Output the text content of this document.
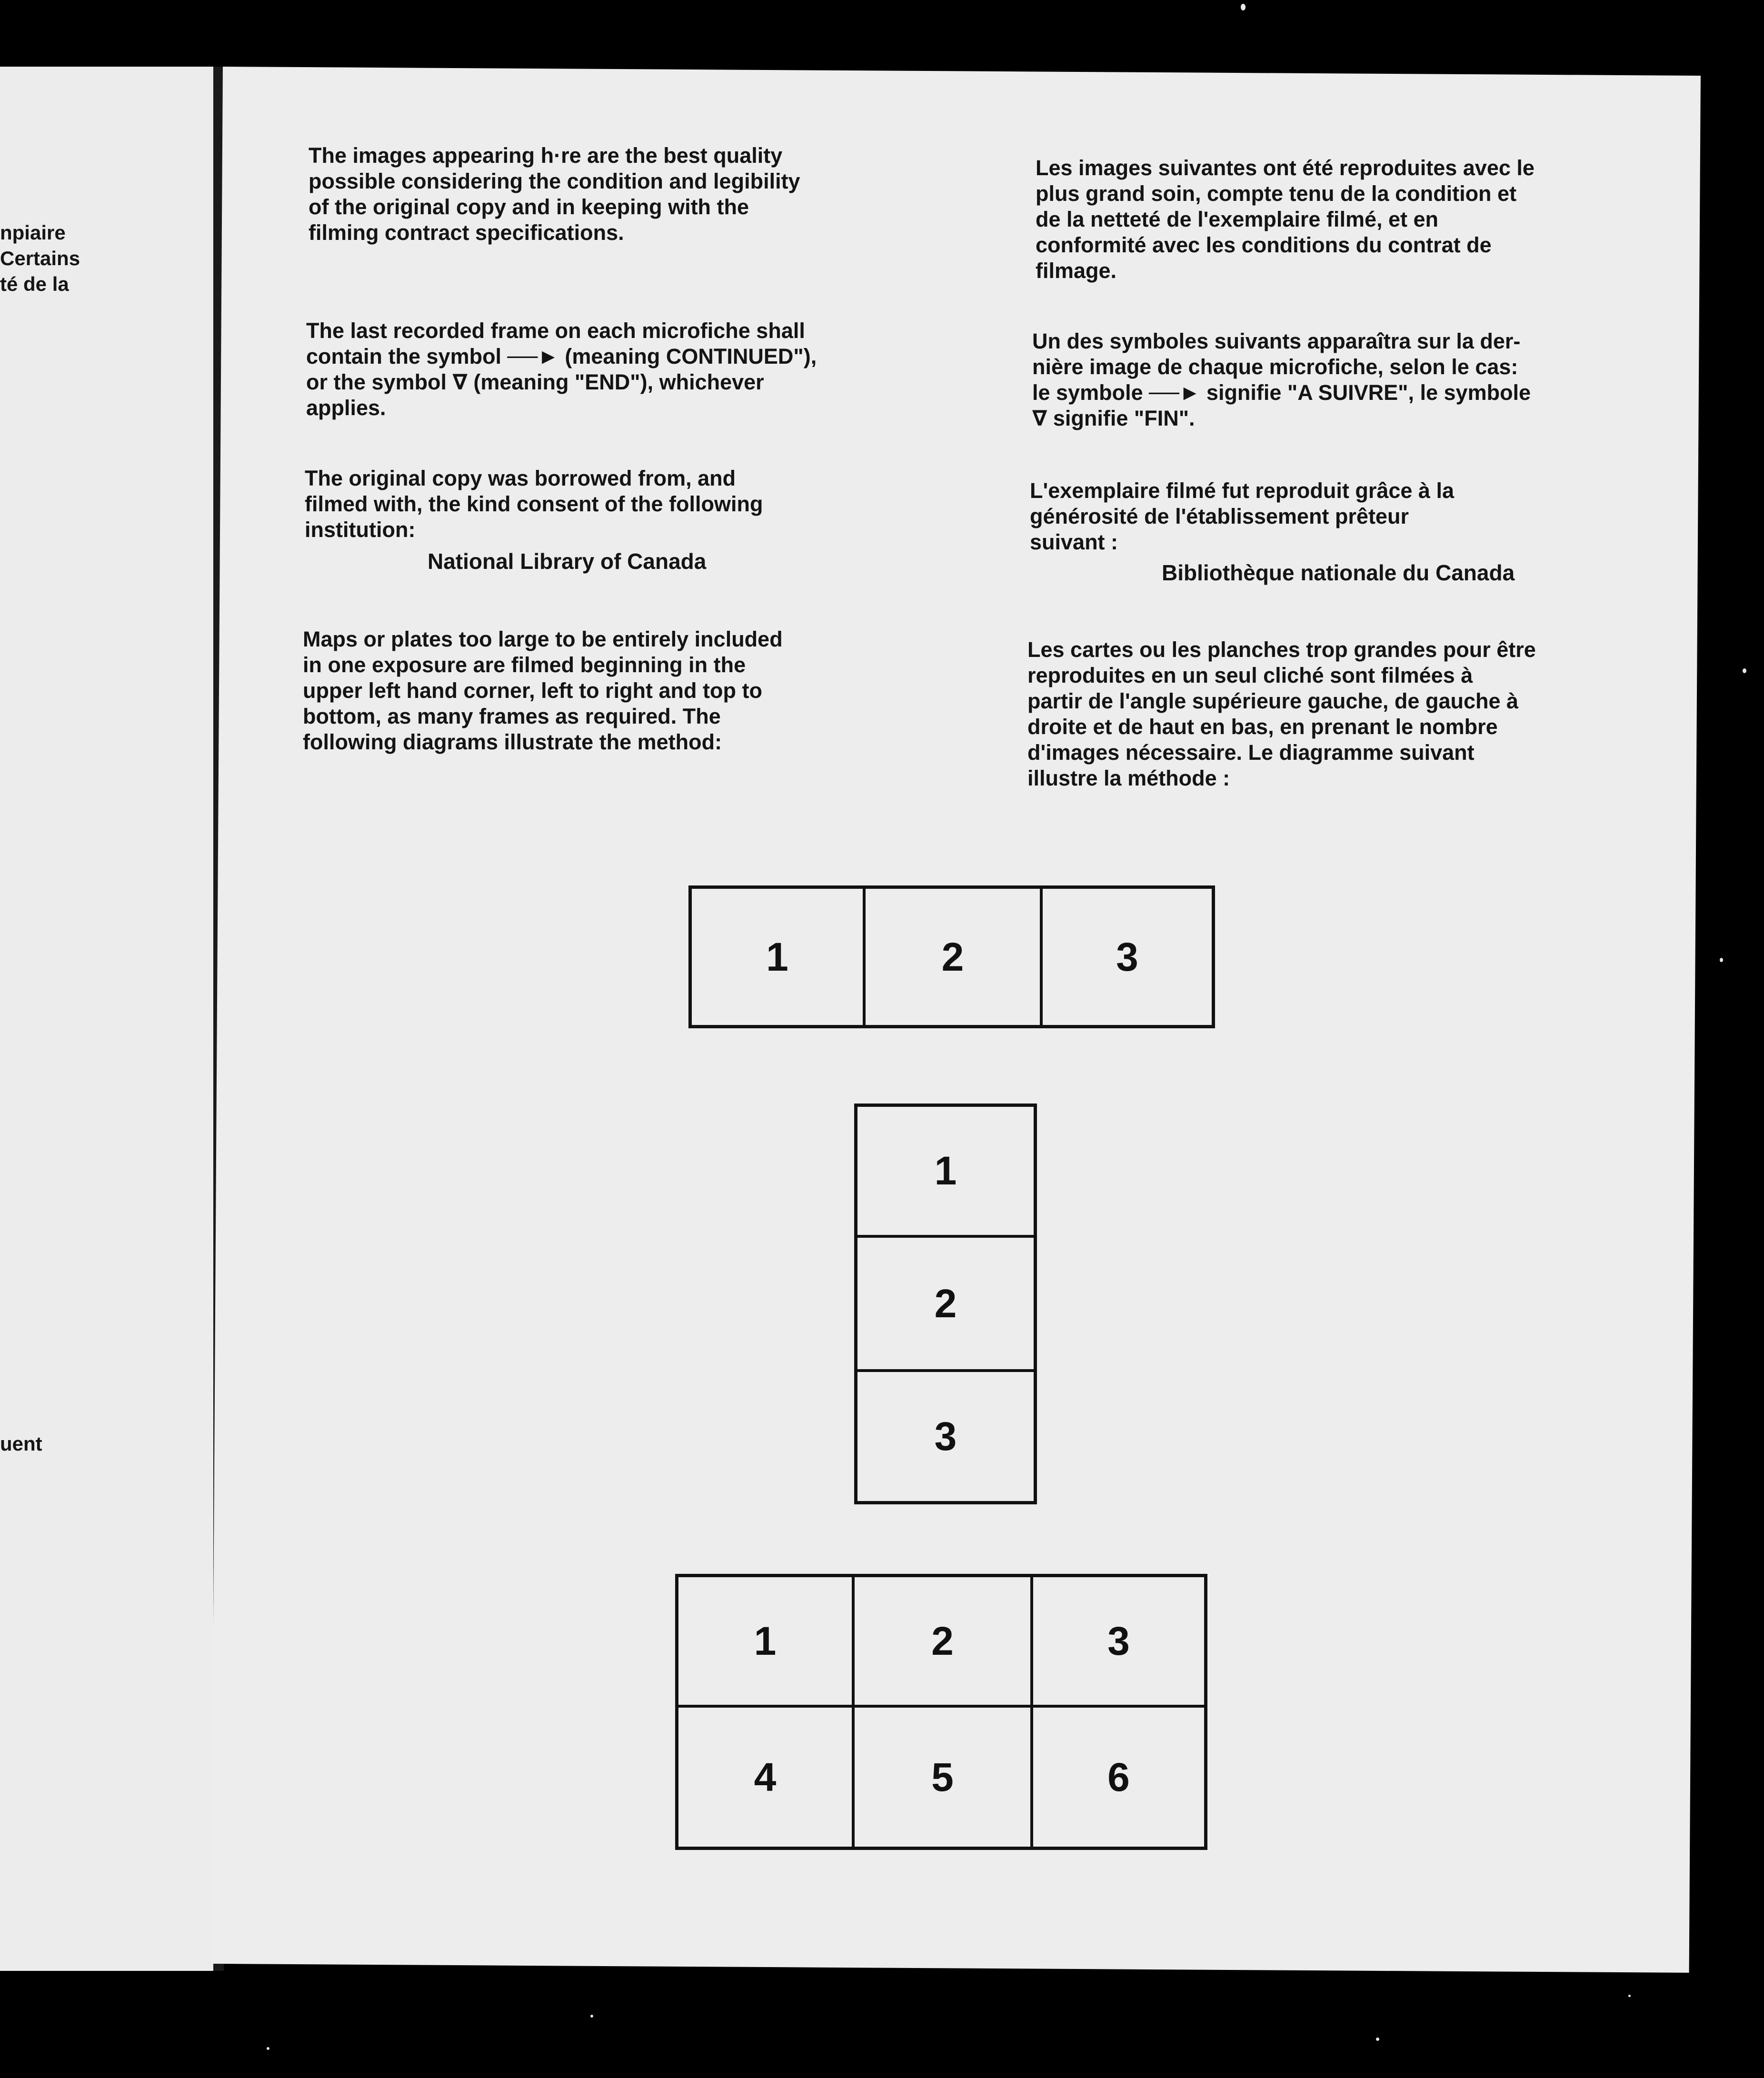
npiaire

Certains

té de la

uent

The images appearing h·re are the best quality

possible considering the condition and legibility

of the original copy and in keeping with the

filming contract specifications.

The last recorded frame on each microfiche shall

contain the symbol ──► (meaning CONTINUED"),

or the symbol ∇ (meaning "END"), whichever

applies.

The original copy was borrowed from, and

filmed with, the kind consent of the following

institution:

National Library of Canada

Maps or plates too large to be entirely included

in one exposure are filmed beginning in the

upper left hand corner, left to right and top to

bottom, as many frames as required. The

following diagrams illustrate the method:

Les images suivantes ont été reproduites avec le

plus grand soin, compte tenu de la condition et

de la netteté de l'exemplaire filmé, et en

conformité avec les conditions du contrat de

filmage.

Un des symboles suivants apparaîtra sur la der-

nière image de chaque microfiche, selon le cas:

le symbole ──► signifie "A SUIVRE", le symbole

∇ signifie "FIN".

L'exemplaire filmé fut reproduit grâce à la

générosité de l'établissement prêteur

suivant :

Bibliothèque nationale du Canada

Les cartes ou les planches trop grandes pour être

reproduites en un seul cliché sont filmées à

partir de l'angle supérieure gauche, de gauche à

droite et de haut en bas, en prenant le nombre

d'images nécessaire. Le diagramme suivant

illustre la méthode :

1	2	3
1
2
3
1	2	3
4	5	6
